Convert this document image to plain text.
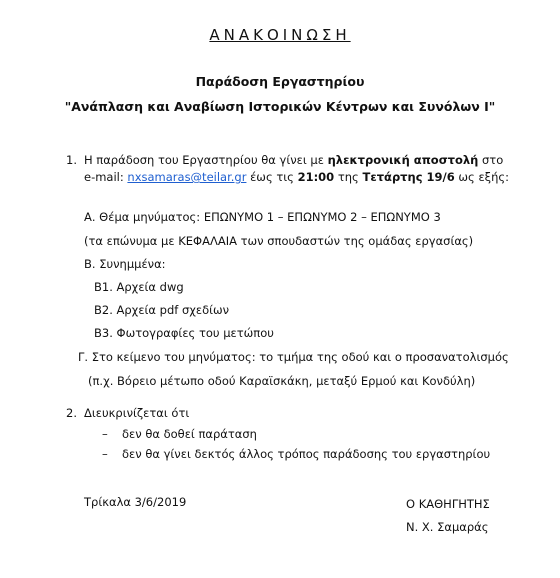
ΑΝΑΚΟΙΝΩΣΗ
Παράδοση Εργαστηρίου
"Ανάπλαση και Αναβίωση Ιστορικών Κέντρων και Συνόλων Ι"
1. Η παράδοση του Εργαστηρίου θα γίνει με ηλεκτρονική αποστολή στο
e-mail: nxsamaras@teilar.gr έως τις 21:00 της Τετάρτης 19/6 ως εξής:
Α. Θέμα μηνύματος: ΕΠΩΝΥΜΟ 1 – ΕΠΩΝΥΜΟ 2 – ΕΠΩΝΥΜΟ 3
(τα επώνυμα με ΚΕΦΑΛΑΙΑ των σπουδαστών της ομάδας εργασίας)
Β. Συνημμένα:
Β1. Αρχεία dwg
Β2. Αρχεία pdf σχεδίων
Β3. Φωτογραφίες του μετώπου
Γ. Στο κείμενο του μηνύματος: το τμήμα της οδού και ο προσανατολισμός
(π.χ. Βόρειο μέτωπο οδού Καραϊσκάκη, μεταξύ Ερμού και Κονδύλη)
2. Διευκρινίζεται ότι
– δεν θα δοθεί παράταση
– δεν θα γίνει δεκτός άλλος τρόπος παράδοσης του εργαστηρίου
Τρίκαλα 3/6/2019	Ο ΚΑΘΗΓΗΤΗΣ
Ν. Χ. Σαμαράς
